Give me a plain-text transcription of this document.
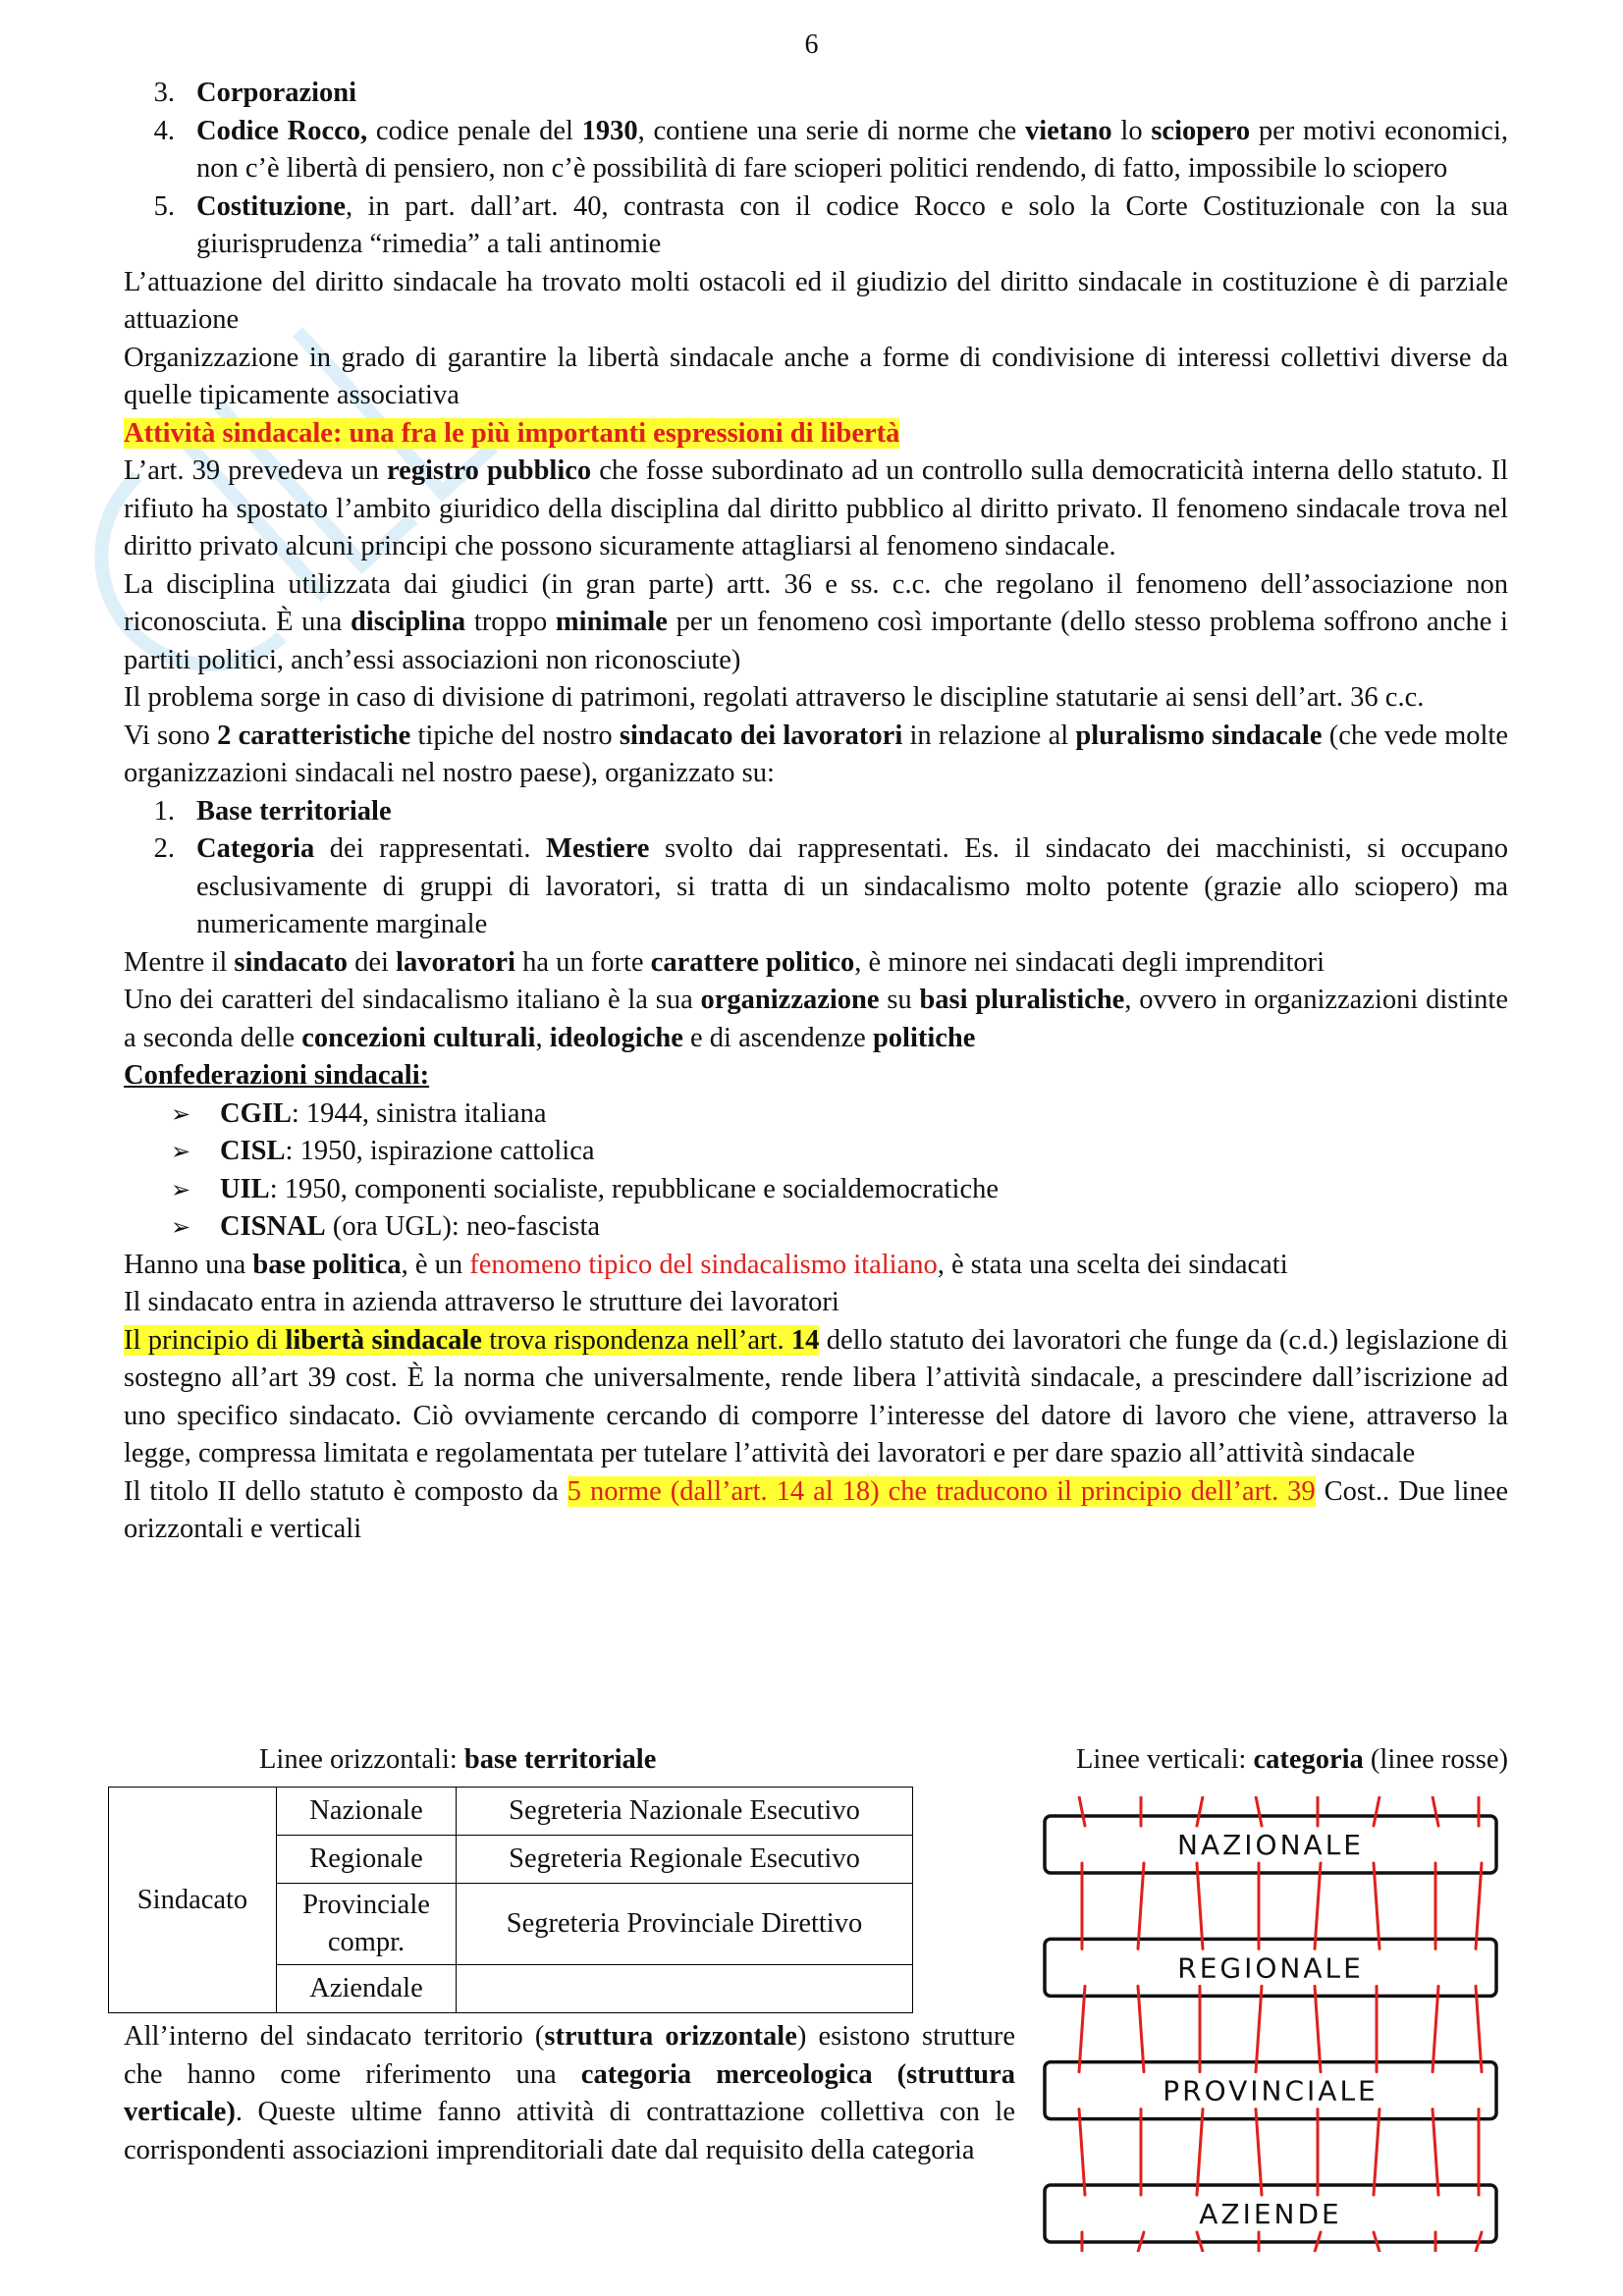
6
3. Corporazioni
4. Codice Rocco, codice penale del 1930, contiene una serie di norme che vietano lo sciopero per motivi economici, non c’è libertà di pensiero, non c’è possibilità di fare scioperi politici rendendo, di fatto, impossibile lo sciopero
5. Costituzione, in part. dall’art. 40, contrasta con il codice Rocco e solo la Corte Costituzionale con la sua giurisprudenza “rimedia” a tali antinomie

L’attuazione del diritto sindacale ha trovato molti ostacoli ed il giudizio del diritto sindacale in costituzione è di parziale attuazione

Organizzazione in grado di garantire la libertà sindacale anche a forme di condivisione di interessi collettivi diverse da quelle tipicamente associativa

Attività sindacale: una fra le più importanti espressioni di libertà

L’art. 39 prevedeva un registro pubblico che fosse subordinato ad un controllo sulla democraticità interna dello statuto. Il rifiuto ha spostato l’ambito giuridico della disciplina dal diritto pubblico al diritto privato. Il fenomeno sindacale trova nel diritto privato alcuni principi che possono sicuramente attagliarsi al fenomeno sindacale.

La disciplina utilizzata dai giudici (in gran parte) artt. 36 e ss. c.c. che regolano il fenomeno dell’associazione non riconosciuta. È una disciplina troppo minimale per un fenomeno così importante (dello stesso problema soffrono anche i partiti politici, anch’essi associazioni non riconosciute)

Il problema sorge in caso di divisione di patrimoni, regolati attraverso le discipline statutarie ai sensi dell’art. 36 c.c.

Vi sono 2 caratteristiche tipiche del nostro sindacato dei lavoratori in relazione al pluralismo sindacale (che vede molte organizzazioni sindacali nel nostro paese), organizzato su:

1. Base territoriale
2. Categoria dei rappresentati. Mestiere svolto dai rappresentati. Es. il sindacato dei macchinisti, si occupano esclusivamente di gruppi di lavoratori, si tratta di un sindacalismo molto potente (grazie allo sciopero) ma numericamente marginale

Mentre il sindacato dei lavoratori ha un forte carattere politico, è minore nei sindacati degli imprenditori

Uno dei caratteri del sindacalismo italiano è la sua organizzazione su basi pluralistiche, ovvero in organizzazioni distinte a seconda delle concezioni culturali, ideologiche e di ascendenze politiche

Confederazioni sindacali:

➢	CGIL: 1944, sinistra italiana
➢	CISL: 1950, ispirazione cattolica
➢	UIL: 1950, componenti socialiste, repubblicane e socialdemocratiche
➢	CISNAL (ora UGL): neo-fascista

Hanno una base politica, è un fenomeno tipico del sindacalismo italiano, è stata una scelta dei sindacati

Il sindacato entra in azienda attraverso le strutture dei lavoratori

Il principio di libertà sindacale trova rispondenza nell’art. 14 dello statuto dei lavoratori che funge da (c.d.) legislazione di sostegno all’art 39 cost. È la norma che universalmente, rende libera l’attività sindacale, a prescindere dall’iscrizione ad uno specifico sindacato. Ciò ovviamente cercando di comporre l’interesse del datore di lavoro che viene, attraverso la legge, compressa limitata e regolamentata per tutelare l’attività dei lavoratori e per dare spazio all’attività sindacale

Il titolo II dello statuto è composto da 5 norme (dall’art. 14 al 18) che traducono il principio dell’art. 39 Cost.. Due linee orizzontali e verticali

Linee orizzontali: base territoriale	Linee verticali: categoria (linee rosse)
Sindacato	Nazionale	Segreteria Nazionale Esecutivo
	Regionale	Segreteria Regionale Esecutivo
	Provinciale compr.	Segreteria Provinciale Direttivo
	Aziendale	
All’interno del sindacato territorio (struttura orizzontale) esistono strutture che hanno come riferimento una categoria merceologica (struttura verticale). Queste ultime fanno attività di contrattazione collettiva con le corrispondenti associazioni imprenditoriali date dal requisito della categoria
NAZIONALE
REGIONALE
PROVINCIALE
AZIENDE
